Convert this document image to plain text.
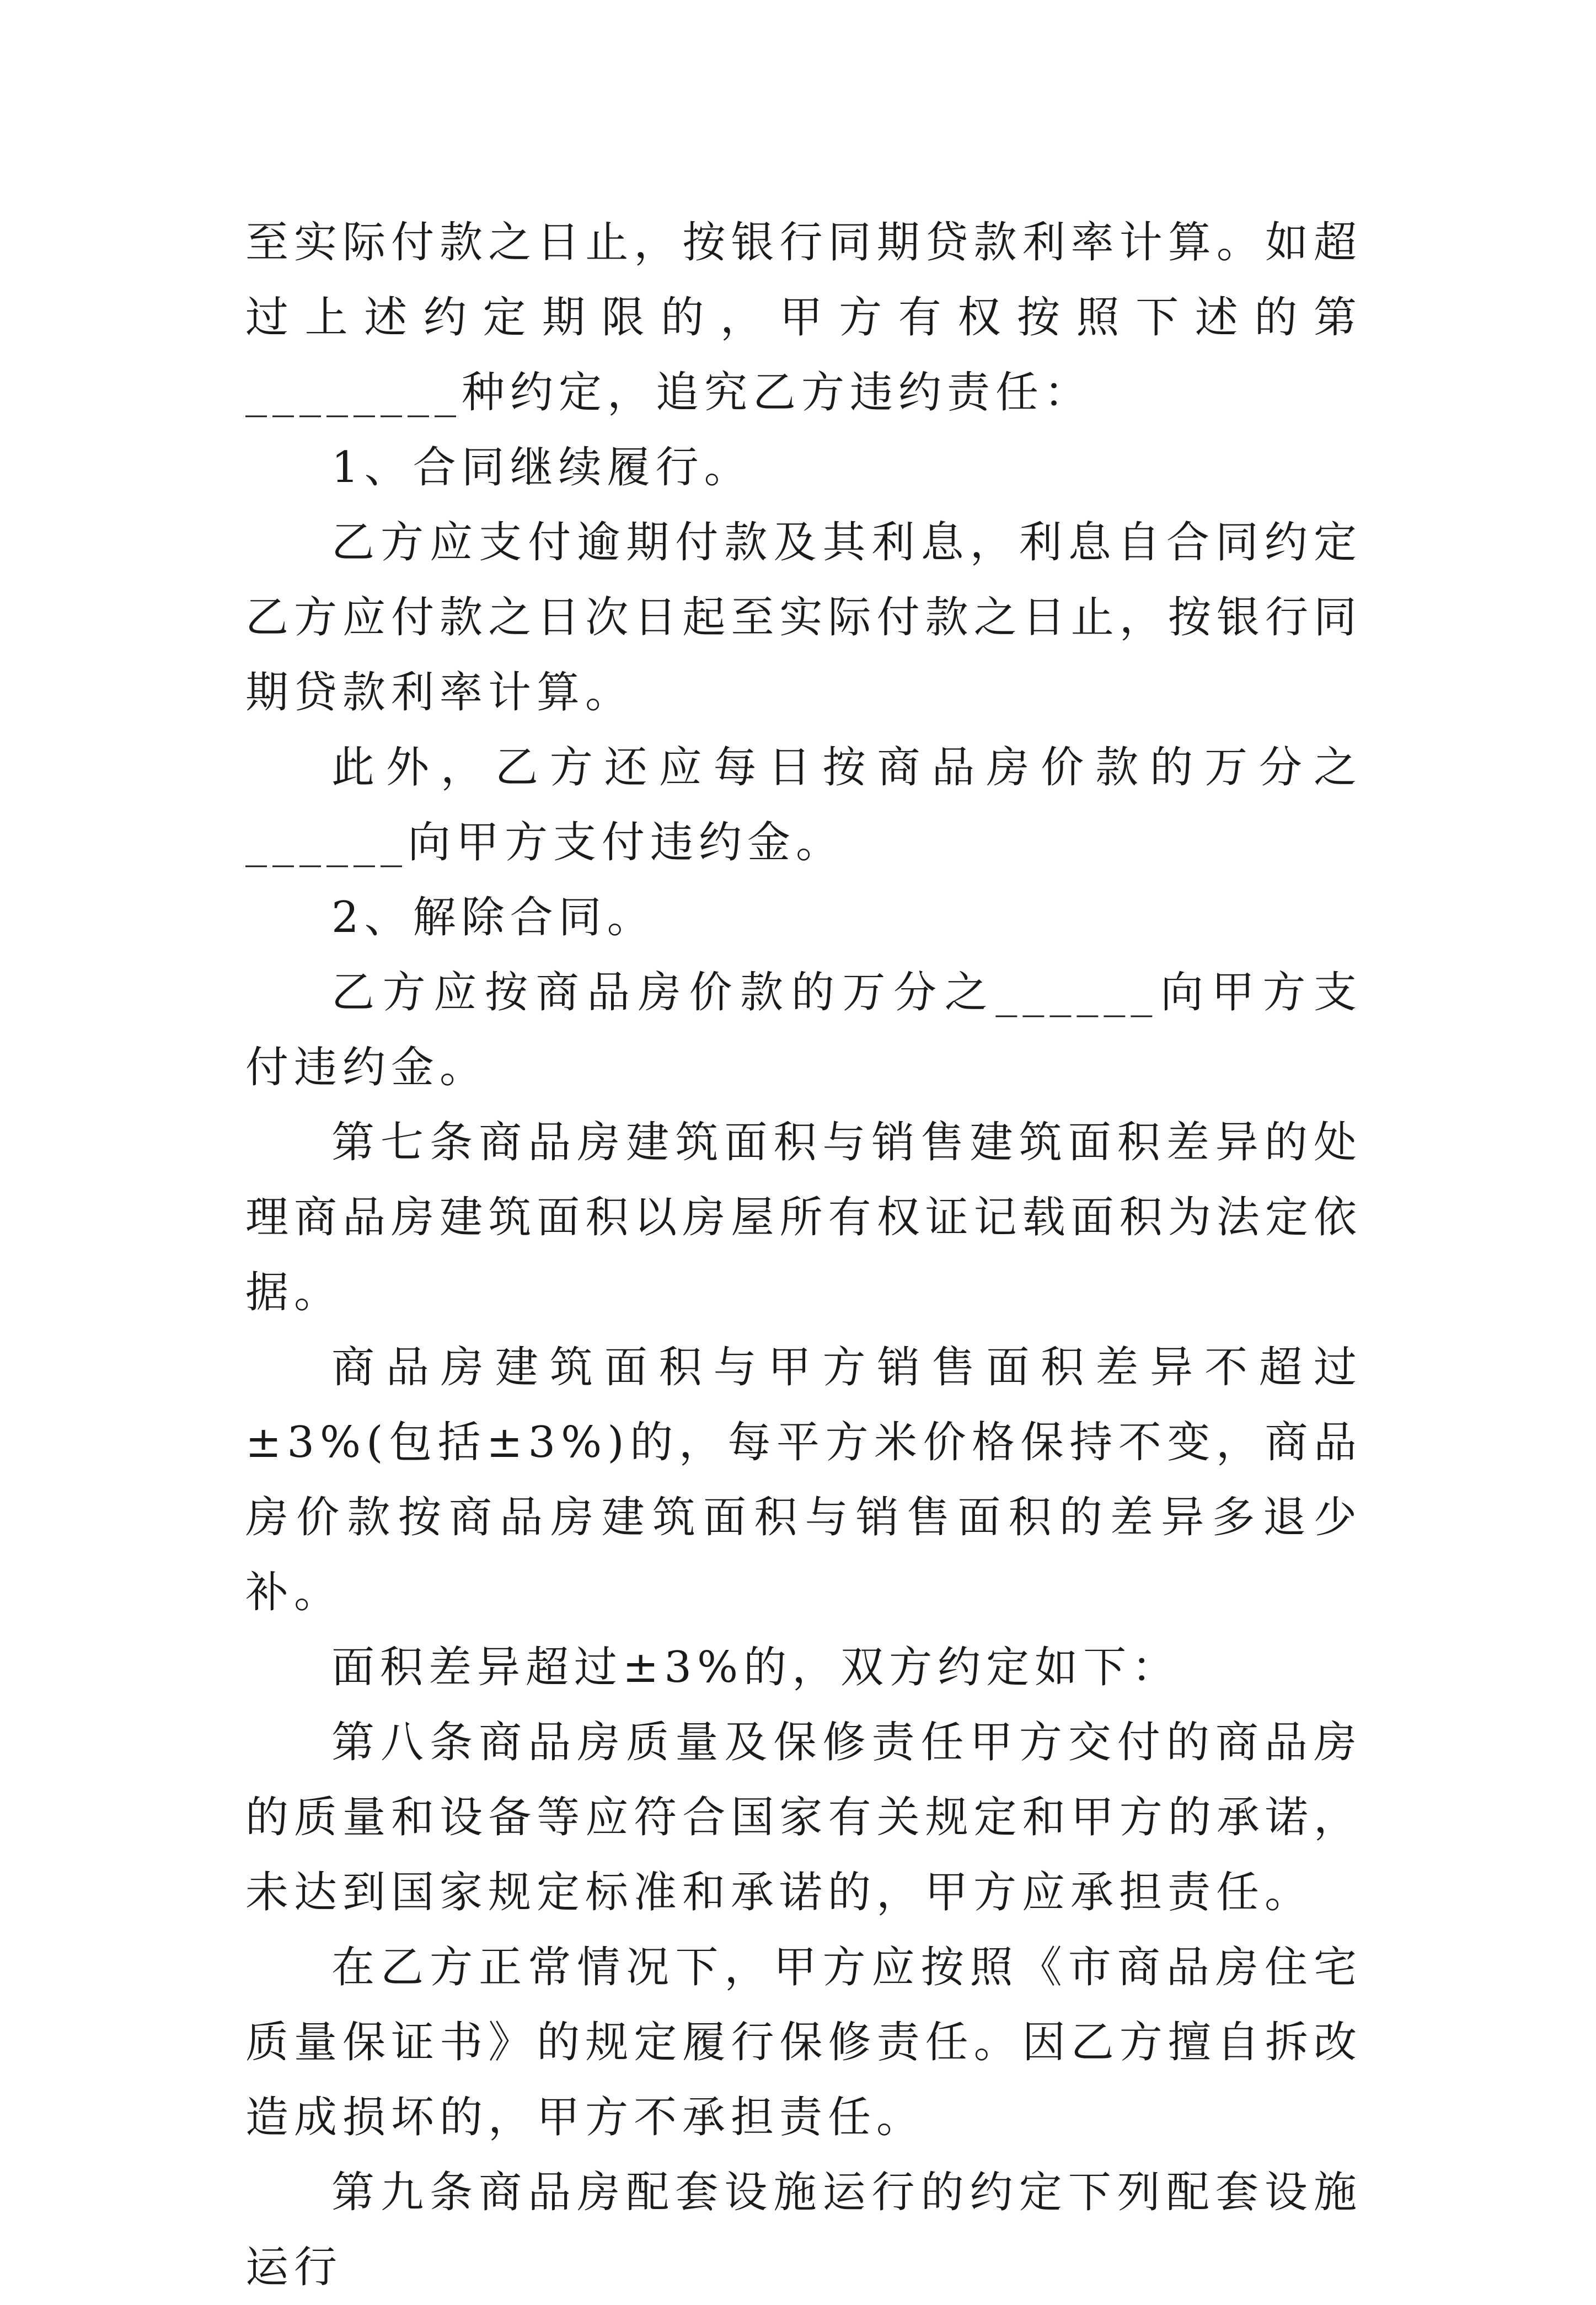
至实际付款之日止，按银行同期贷款利率计算。如超过上述约定期限的，甲方有权按照下述的第________种约定，追究乙方违约责任：

1、合同继续履行。

乙方应支付逾期付款及其利息，利息自合同约定乙方应付款之日次日起至实际付款之日止，按银行同期贷款利率计算。

此外，乙方还应每日按商品房价款的万分之______向甲方支付违约金。

2、解除合同。

乙方应按商品房价款的万分之______向甲方支付违约金。

第七条商品房建筑面积与销售建筑面积差异的处理商品房建筑面积以房屋所有权证记载面积为法定依据。

商品房建筑面积与甲方销售面积差异不超过±3%(包括±3%)的，每平方米价格保持不变，商品房价款按商品房建筑面积与销售面积的差异多退少补。

面积差异超过±3%的，双方约定如下：

第八条商品房质量及保修责任甲方交付的商品房的质量和设备等应符合国家有关规定和甲方的承诺，未达到国家规定标准和承诺的，甲方应承担责任。

在乙方正常情况下，甲方应按照《市商品房住宅质量保证书》的规定履行保修责任。因乙方擅自拆改造成损坏的，甲方不承担责任。

第九条商品房配套设施运行的约定下列配套设施运行
